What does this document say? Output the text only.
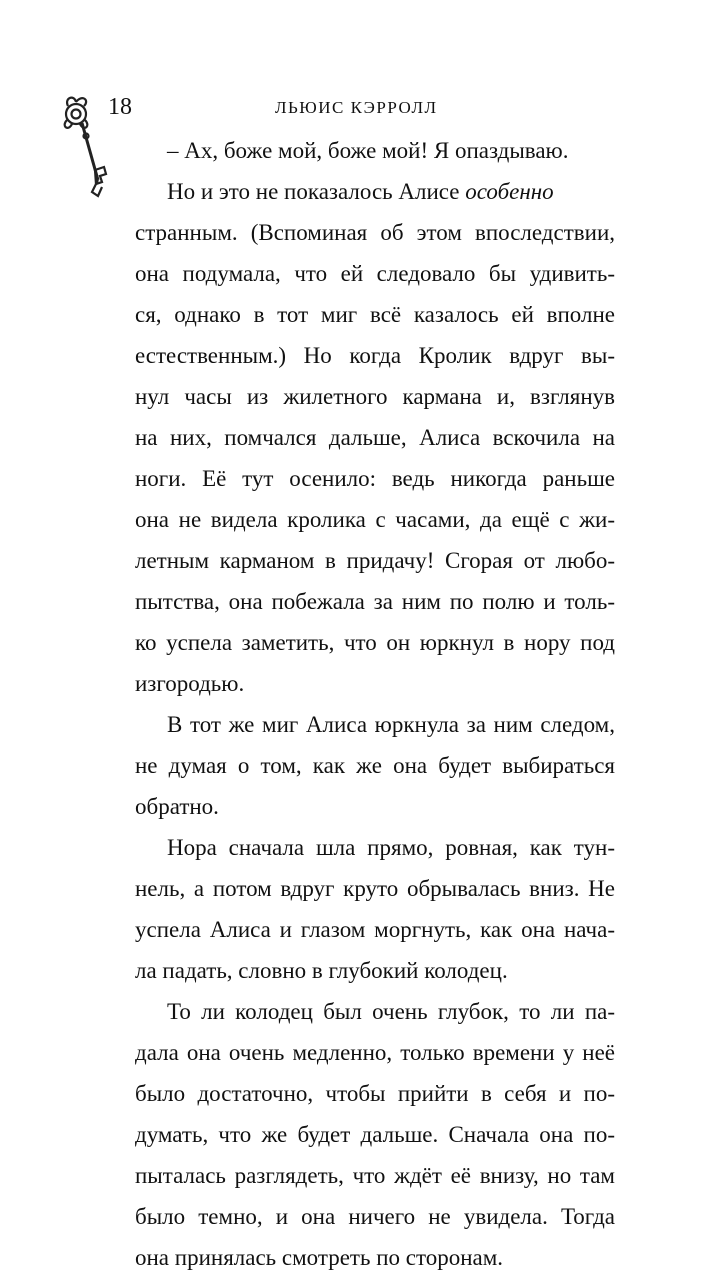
18	ЛЬЮИС КЭРРОЛЛ
– Ах, боже мой, боже мой! Я опаздываю.
Но и это не показалось Алисе особенно
странным. (Вспоминая об этом впоследствии,
она подумала, что ей следовало бы удивить-
ся, однако в тот миг всё казалось ей вполне
естественным.) Но когда Кролик вдруг вы-
нул часы из жилетного кармана и, взглянув
на них, помчался дальше, Алиса вскочила на
ноги. Её тут осенило: ведь никогда раньше
она не видела кролика с часами, да ещё с жи-
летным карманом в придачу! Сгорая от любо-
пытства, она побежала за ним по полю и толь-
ко успела заметить, что он юркнул в нору под
изгородью.
В тот же миг Алиса юркнула за ним следом,
не думая о том, как же она будет выбираться
обратно.
Нора сначала шла прямо, ровная, как тун-
нель, а потом вдруг круто обрывалась вниз. Не
успела Алиса и глазом моргнуть, как она нача-
ла падать, словно в глубокий колодец.
То ли колодец был очень глубок, то ли па-
дала она очень медленно, только времени у неё
было достаточно, чтобы прийти в себя и по-
думать, что же будет дальше. Сначала она по-
пыталась разглядеть, что ждёт её внизу, но там
было темно, и она ничего не увидела. Тогда
она принялась смотреть по сторонам.
